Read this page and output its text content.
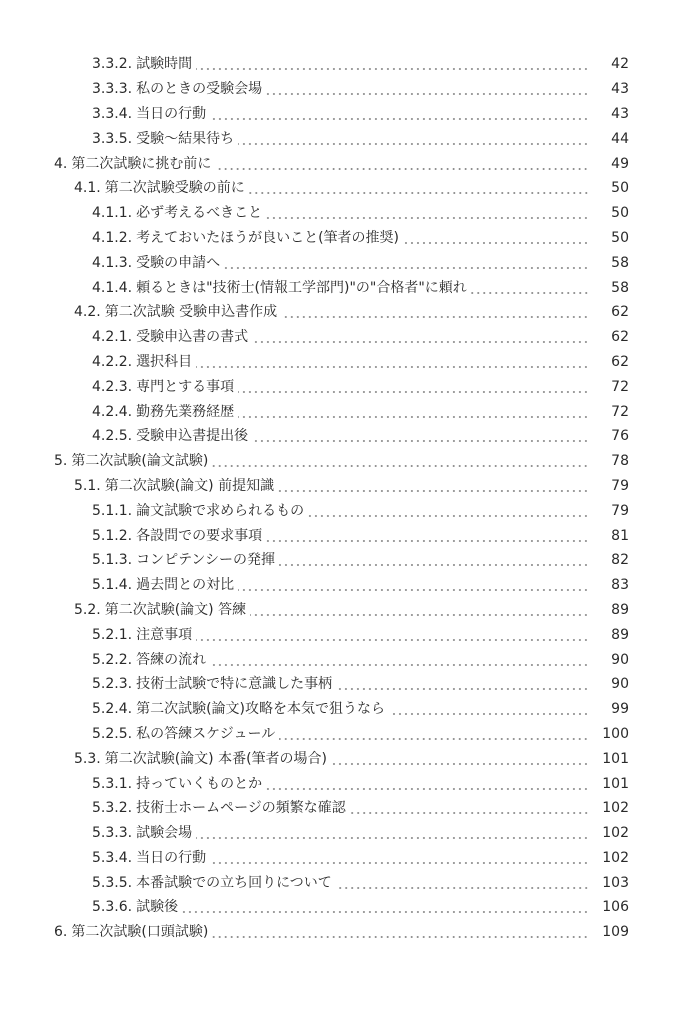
3.3.2. 試験時間	42
3.3.3. 私のときの受験会場	43
3.3.4. 当日の行動	43
3.3.5. 受験～結果待ち	44
4. 第二次試験に挑む前に	49
4.1. 第二次試験受験の前に	50
4.1.1. 必ず考えるべきこと	50
4.1.2. 考えておいたほうが良いこと(筆者の推奨)	50
4.1.3. 受験の申請へ	58
4.1.4. 頼るときは"技術士(情報工学部門)"の"合格者"に頼れ	58
4.2. 第二次試験 受験申込書作成	62
4.2.1. 受験申込書の書式	62
4.2.2. 選択科目	62
4.2.3. 専門とする事項	72
4.2.4. 勤務先業務経歴	72
4.2.5. 受験申込書提出後	76
5. 第二次試験(論文試験)	78
5.1. 第二次試験(論文) 前提知識	79
5.1.1. 論文試験で求められるもの	79
5.1.2. 各設問での要求事項	81
5.1.3. コンピテンシーの発揮	82
5.1.4. 過去問との対比	83
5.2. 第二次試験(論文) 答練	89
5.2.1. 注意事項	89
5.2.2. 答練の流れ	90
5.2.3. 技術士試験で特に意識した事柄	90
5.2.4. 第二次試験(論文)攻略を本気で狙うなら	99
5.2.5. 私の答練スケジュール	100
5.3. 第二次試験(論文) 本番(筆者の場合)	101
5.3.1. 持っていくものとか	101
5.3.2. 技術士ホームページの頻繁な確認	102
5.3.3. 試験会場	102
5.3.4. 当日の行動	102
5.3.5. 本番試験での立ち回りについて	103
5.3.6. 試験後	106
6. 第二次試験(口頭試験)	109
